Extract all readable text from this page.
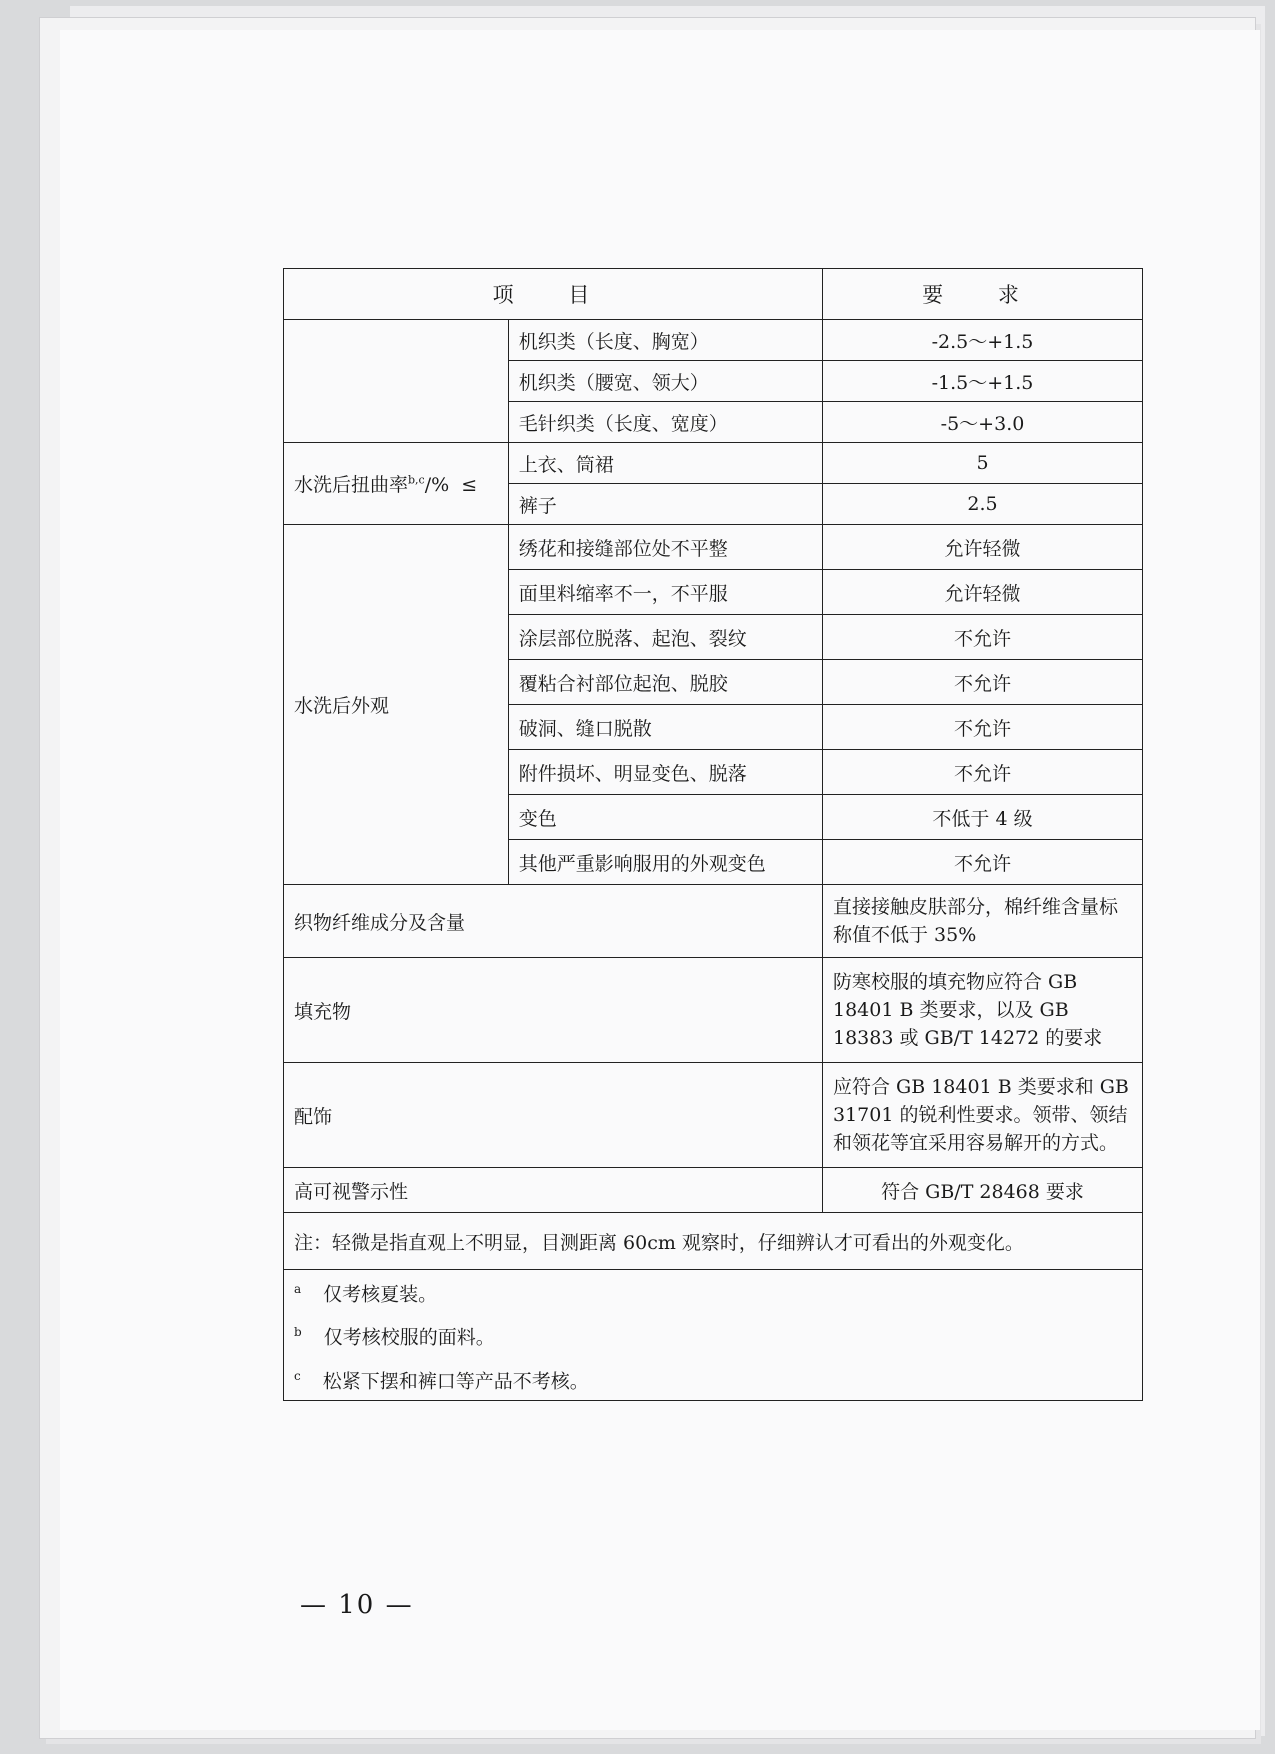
项 目		要 求
	机织类（长度、胸宽）	-2.5～+1.5
	机织类（腰宽、领大）	-1.5～+1.5
	毛针织类（长度、宽度）	-5～+3.0
水洗后扭曲率$^{b,c}$/%  ≤	上衣、筒裙	5
	裤子	2.5
水洗后外观	绣花和接缝部位处不平整	允许轻微
	面里料缩率不一，不平服	允许轻微
	涂层部位脱落、起泡、裂纹	不允许
	覆粘合衬部位起泡、脱胶	不允许
	破洞、缝口脱散	不允许
	附件损坏、明显变色、脱落	不允许
	变色	不低于 4 级
	其他严重影响服用的外观变色	不允许
织物纤维成分及含量		直接接触皮肤部分，棉纤维含量标称值不低于 35%
填充物		防寒校服的填充物应符合 GB 18401 B 类要求，以及 GB 18383 或 GB/T 14272 的要求
配饰		应符合 GB 18401 B 类要求和 GB 31701 的锐利性要求。领带、领结和领花等宜采用容易解开的方式。
高可视警示性		符合 GB/T 28468 要求
注：轻微是指直观上不明显，目测距离 60cm 观察时，仔细辨认才可看出的外观变化。		

$^a$ 仅考核夏装。
$^b$ 仅考核校服的面料。
$^c$ 松紧下摆和裤口等产品不考核。		
— 10 —
